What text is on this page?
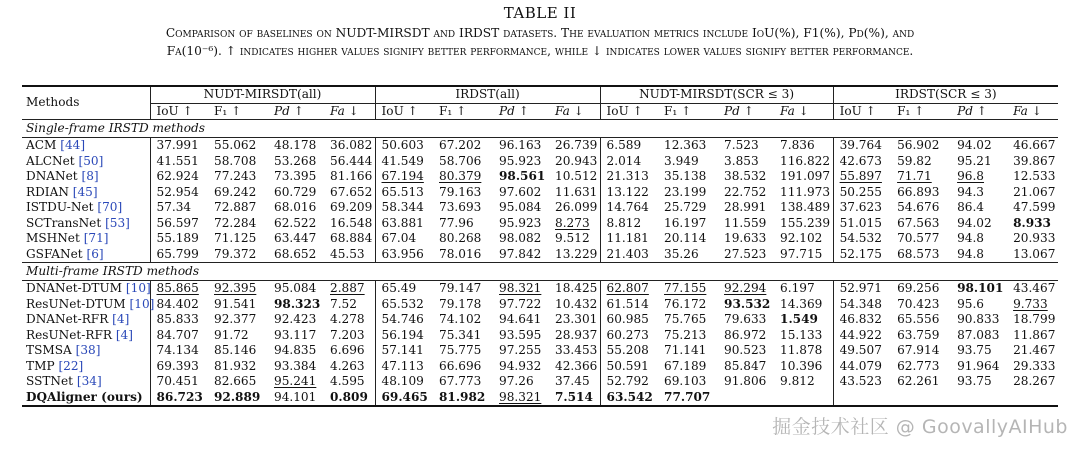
TABLE II
Comparison of baselines on NUDT-MIRSDT and IRDST datasets. The evaluation metrics include IoU(%), F1(%), Pd(%), and
Fa(10⁻⁶). ↑ indicates higher values signify better performance, while ↓ indicates lower values signify better performance.
Methods	NUDT-MIRSDT(all)				IRDST(all)				NUDT-MIRSDT(SCR ≤ 3)				IRDST(SCR ≤ 3)			
	IoU ↑	F₁ ↑	Pd ↑	Fa ↓	IoU ↑	F₁ ↑	Pd ↑	Fa ↓	IoU ↑	F₁ ↑	Pd ↑	Fa ↓	IoU ↑	F₁ ↑	Pd ↑	Fa ↓
Single-frame IRSTD methods																
ACM [44]	37.991	55.062	48.178	36.082	50.603	67.202	96.163	26.739	6.589	12.363	7.523	7.836	39.764	56.902	94.02	46.667
ALCNet [50]	41.551	58.708	53.268	56.444	41.549	58.706	95.923	20.943	2.014	3.949	3.853	116.822	42.673	59.82	95.21	39.867
DNANet [8]	62.924	77.243	73.395	81.166	67.194	80.379	98.561	10.512	21.313	35.138	38.532	191.097	55.897	71.71	96.8	12.533
RDIAN [45]	52.954	69.242	60.729	67.652	65.513	79.163	97.602	11.631	13.122	23.199	22.752	111.973	50.255	66.893	94.3	21.067
ISTDU-Net [70]	57.34	72.887	68.016	69.209	58.344	73.693	95.084	26.099	14.764	25.729	28.991	138.489	37.623	54.676	86.4	47.599
SCTransNet [53]	56.597	72.284	62.522	16.548	63.881	77.96	95.923	8.273	8.812	16.197	11.559	155.239	51.015	67.563	94.02	8.933
MSHNet [71]	55.189	71.125	63.447	68.884	67.04	80.268	98.082	9.512	11.181	20.114	19.633	92.102	54.532	70.577	94.8	20.933
GSFANet [6]	65.799	79.372	68.652	45.53	63.956	78.016	97.842	13.229	21.403	35.26	27.523	97.715	52.175	68.573	94.8	13.067
Multi-frame IRSTD methods																
DNANet-DTUM [10]	85.865	92.395	95.084	2.887	65.49	79.147	98.321	18.425	62.807	77.155	92.294	6.197	52.971	69.256	98.101	43.467
ResUNet-DTUM [10]	84.402	91.541	98.323	7.52	65.532	79.178	97.722	10.432	61.514	76.172	93.532	14.369	54.348	70.423	95.6	9.733
DNANet-RFR [4]	85.833	92.377	92.423	4.278	54.746	74.102	94.641	23.301	60.985	75.765	79.633	1.549	46.832	65.556	90.833	18.799
ResUNet-RFR [4]	84.707	91.72	93.117	7.203	56.194	75.341	93.595	28.937	60.273	75.213	86.972	15.133	44.922	63.759	87.083	11.867
TSMSA [38]	74.134	85.146	94.835	6.696	57.141	75.775	97.255	33.453	55.208	71.141	90.523	11.878	49.507	67.914	93.75	21.467
TMP [22]	69.393	81.932	93.384	4.263	47.113	66.696	94.932	42.366	50.591	67.189	85.847	10.396	44.079	62.773	91.964	29.333
SSTNet [34]	70.451	82.665	95.241	4.595	48.109	67.773	97.26	37.45	52.792	69.103	91.806	9.812	43.523	62.261	93.75	28.267
DQAligner (ours)	86.723	92.889	94.101	0.809	69.465	81.982	98.321	7.514	63.542	77.707						
掘金技术社区 @ GoovallyAIHub
